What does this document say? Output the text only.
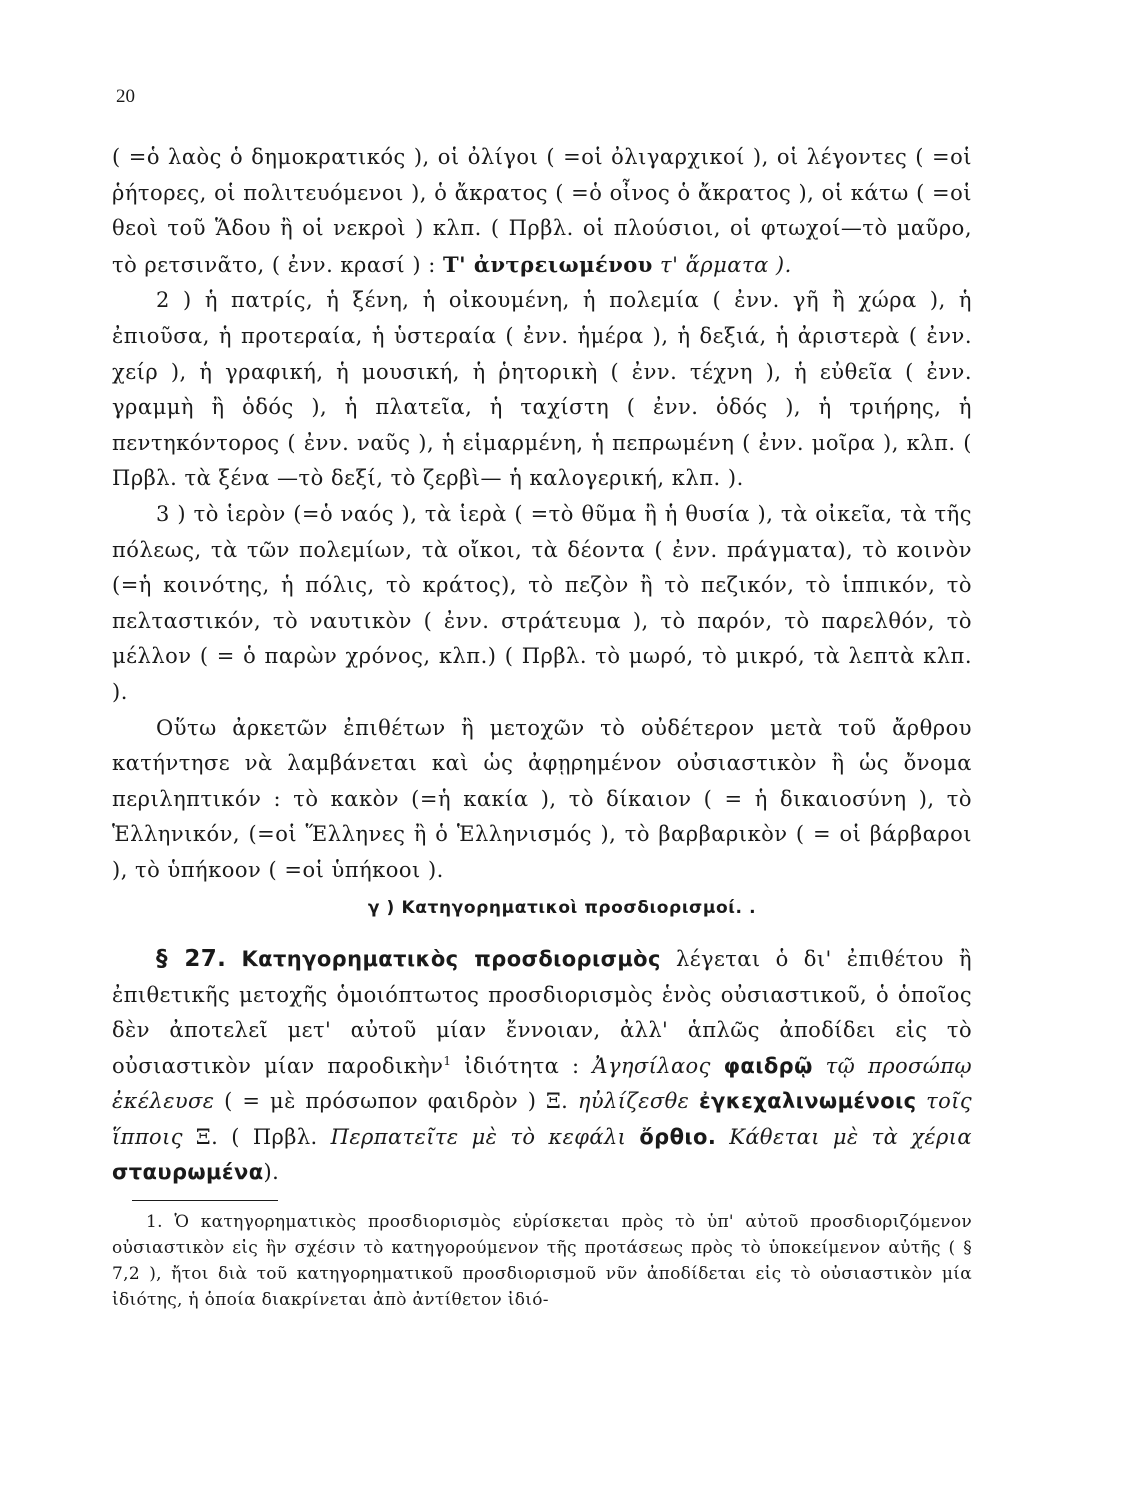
20

( =ὁ λαὸς ὁ δημοκρατικός ), οἱ ὀλίγοι ( =οἱ ὀλιγαρχικοί ), οἱ λέγοντες ( =οἱ ῥήτορες, οἱ πολιτευόμενοι ), ὁ ἄκρατος ( =ὁ οἶνος ὁ ἄκρατος ), οἱ κάτω ( =οἱ θεοὶ τοῦ Ἅδου ἢ οἱ νεκροὶ ) κλπ. ( Πρβλ. οἱ πλούσιοι, οἱ φτωχοί—τὸ μαῦρο, τὸ ρετσινᾶτο, ( ἐνν. κρασί ) : Τ' ἀντρειωμένου τ' ἅρματα ).

2 ) ἡ πατρίς, ἡ ξένη, ἡ οἰκουμένη, ἡ πολεμία ( ἐνν. γῆ ἢ χώρα ), ἡ ἐπιοῦσα, ἡ προτεραία, ἡ ὑστεραία ( ἐνν. ἡμέρα ), ἡ δεξιά, ἡ ἀριστερὰ ( ἐνν. χείρ ), ἡ γραφική, ἡ μουσική, ἡ ῥητορικὴ ( ἐνν. τέχνη ), ἡ εὐθεῖα ( ἐνν. γραμμὴ ἢ ὁδός ), ἡ πλατεῖα, ἡ ταχίστη ( ἐνν. ὁδός ), ἡ τριήρης, ἡ πεντηκόντορος ( ἐνν. ναῦς ), ἡ εἱμαρμένη, ἡ πεπρωμένη ( ἐνν. μοῖρα ), κλπ. ( Πρβλ. τὰ ξένα —τὸ δεξί, τὸ ζερβὶ— ἡ καλογερική, κλπ. ).

3 ) τὸ ἱερὸν (=ὁ ναός ), τὰ ἱερὰ ( =τὸ θῦμα ἢ ἡ θυσία ), τὰ οἰκεῖα, τὰ τῆς πόλεως, τὰ τῶν πολεμίων, τὰ οἴκοι, τὰ δέοντα ( ἐνν. πράγματα), τὸ κοινὸν (=ἡ κοινότης, ἡ πόλις, τὸ κράτος), τὸ πεζὸν ἢ τὸ πεζικόν, τὸ ἱππικόν, τὸ πελταστικόν, τὸ ναυτικὸν ( ἐνν. στράτευμα ), τὸ παρόν, τὸ παρελθόν, τὸ μέλλον ( = ὁ παρὼν χρόνος, κλπ.) ( Πρβλ. τὸ μωρό, τὸ μικρό, τὰ λεπτὰ κλπ. ).

Οὕτω ἀρκετῶν ἐπιθέτων ἢ μετοχῶν τὸ οὐδέτερον μετὰ τοῦ ἄρθρου κατήντησε νὰ λαμβάνεται καὶ ὡς ἀφῃρημένον οὐσιαστικὸν ἢ ὡς ὄνομα περιληπτικόν : τὸ κακὸν (=ἡ κακία ), τὸ δίκαιον ( = ἡ δικαιοσύνη ), τὸ Ἑλληνικόν, (=οἱ Ἕλληνες ἢ ὁ Ἑλληνισμός ), τὸ βαρβαρικὸν ( = οἱ βάρβαροι ), τὸ ὑπήκοον ( =οἱ ὑπήκοοι ).

γ ) Κατηγορηματικοὶ προσδιορισμοί. .

§ 27. Κατηγορηματικὸς προσδιορισμὸς λέγεται ὁ δι' ἐπιθέτου ἢ ἐπιθετικῆς μετοχῆς ὁμοιόπτωτος προσδιορισμὸς ἑνὸς οὐσιαστικοῦ, ὁ ὁποῖος δὲν ἀποτελεῖ μετ' αὐτοῦ μίαν ἔννοιαν, ἀλλ' ἁπλῶς ἀποδίδει εἰς τὸ οὐσιαστικὸν μίαν παροδικὴν$^1$ ἰδιότητα : Ἀγησίλαος φαιδρῷ τῷ προσώπῳ ἐκέλευσε ( = μὲ πρόσωπον φαιδρὸν ) Ξ. ηὐλίζεσθε ἐγκεχαλινωμένοις τοῖς ἵπποις Ξ. ( Πρβλ. Περπατεῖτε μὲ τὸ κεφάλι ὄρθιο. Κάθεται μὲ τὰ χέρια σταυρωμένα).

1. Ὁ κατηγορηματικὸς προσδιορισμὸς εὑρίσκεται πρὸς τὸ ὑπ' αὐτοῦ προσδιοριζόμενον οὐσιαστικὸν εἰς ἣν σχέσιν τὸ κατηγορούμενον τῆς προτάσεως πρὸς τὸ ὑποκείμενον αὐτῆς ( § 7,2 ), ἤτοι διὰ τοῦ κατηγορηματικοῦ προσδιορισμοῦ νῦν ἀποδίδεται εἰς τὸ οὐσιαστικὸν μία ἰδιότης, ἡ ὁποία διακρίνεται ἀπὸ ἀντίθετον ἰδιό-
